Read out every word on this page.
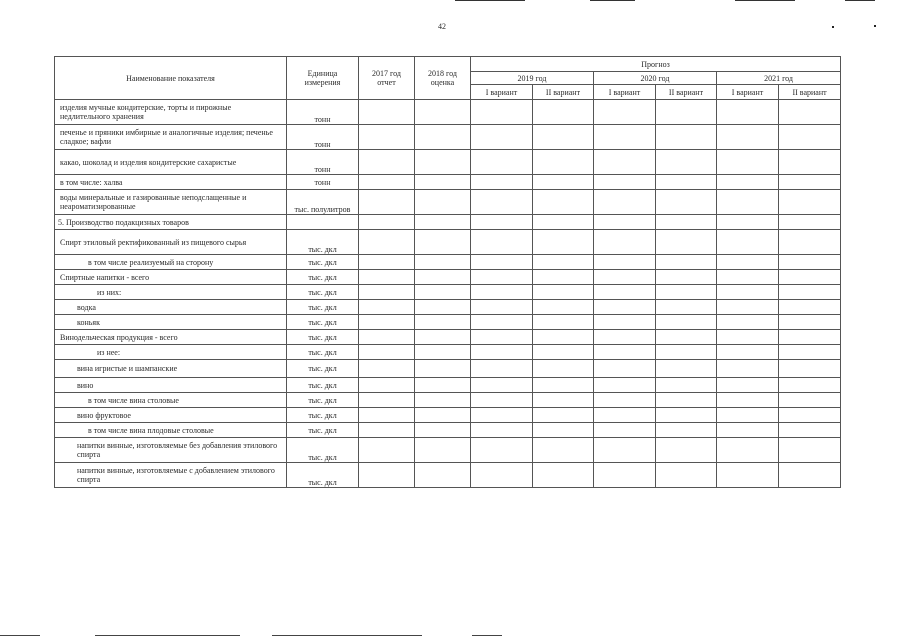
42
Наименование показателя	Единица измерения	2017 год отчет	2018 год оценка	Прогноз					
				2019 год		2020 год		2021 год	
				I вариант	II вариант	I вариант	II вариант	I вариант	II вариант
изделия мучные кондитерские, торты и пирожные недлительного хранения	тонн								
печенье и пряники имбирные и аналогичные изделия; печенье сладкое; вафли	тонн								
какао, шоколад и изделия кондитерские сахаристые	тонн								
в том числе: халва	тонн								
воды минеральные и газированные неподслащенные и неароматизированные	тыс. полулитров								
5. Производство подакцизных товаров									
Спирт этиловый ректификованный из пищевого сырья	тыс. дкл								
в том числе реализуемый на сторону	тыс. дкл								
Спиртные напитки - всего	тыс. дкл								
из них:	тыс. дкл								
водка	тыс. дкл								
коньяк	тыс. дкл								
Винодельческая продукция - всего	тыс. дкл								
из нее:	тыс. дкл								
вина игристые и шампанские	тыс. дкл								
вино	тыс. дкл								
в том числе вина столовые	тыс. дкл								
вино фруктовое	тыс. дкл								
в том числе вина плодовые столовые	тыс. дкл								
напитки винные, изготовляемые без добавления этилового спирта	тыс. дкл								
напитки винные, изготовляемые с добавлением этилового спирта	тыс. дкл								
